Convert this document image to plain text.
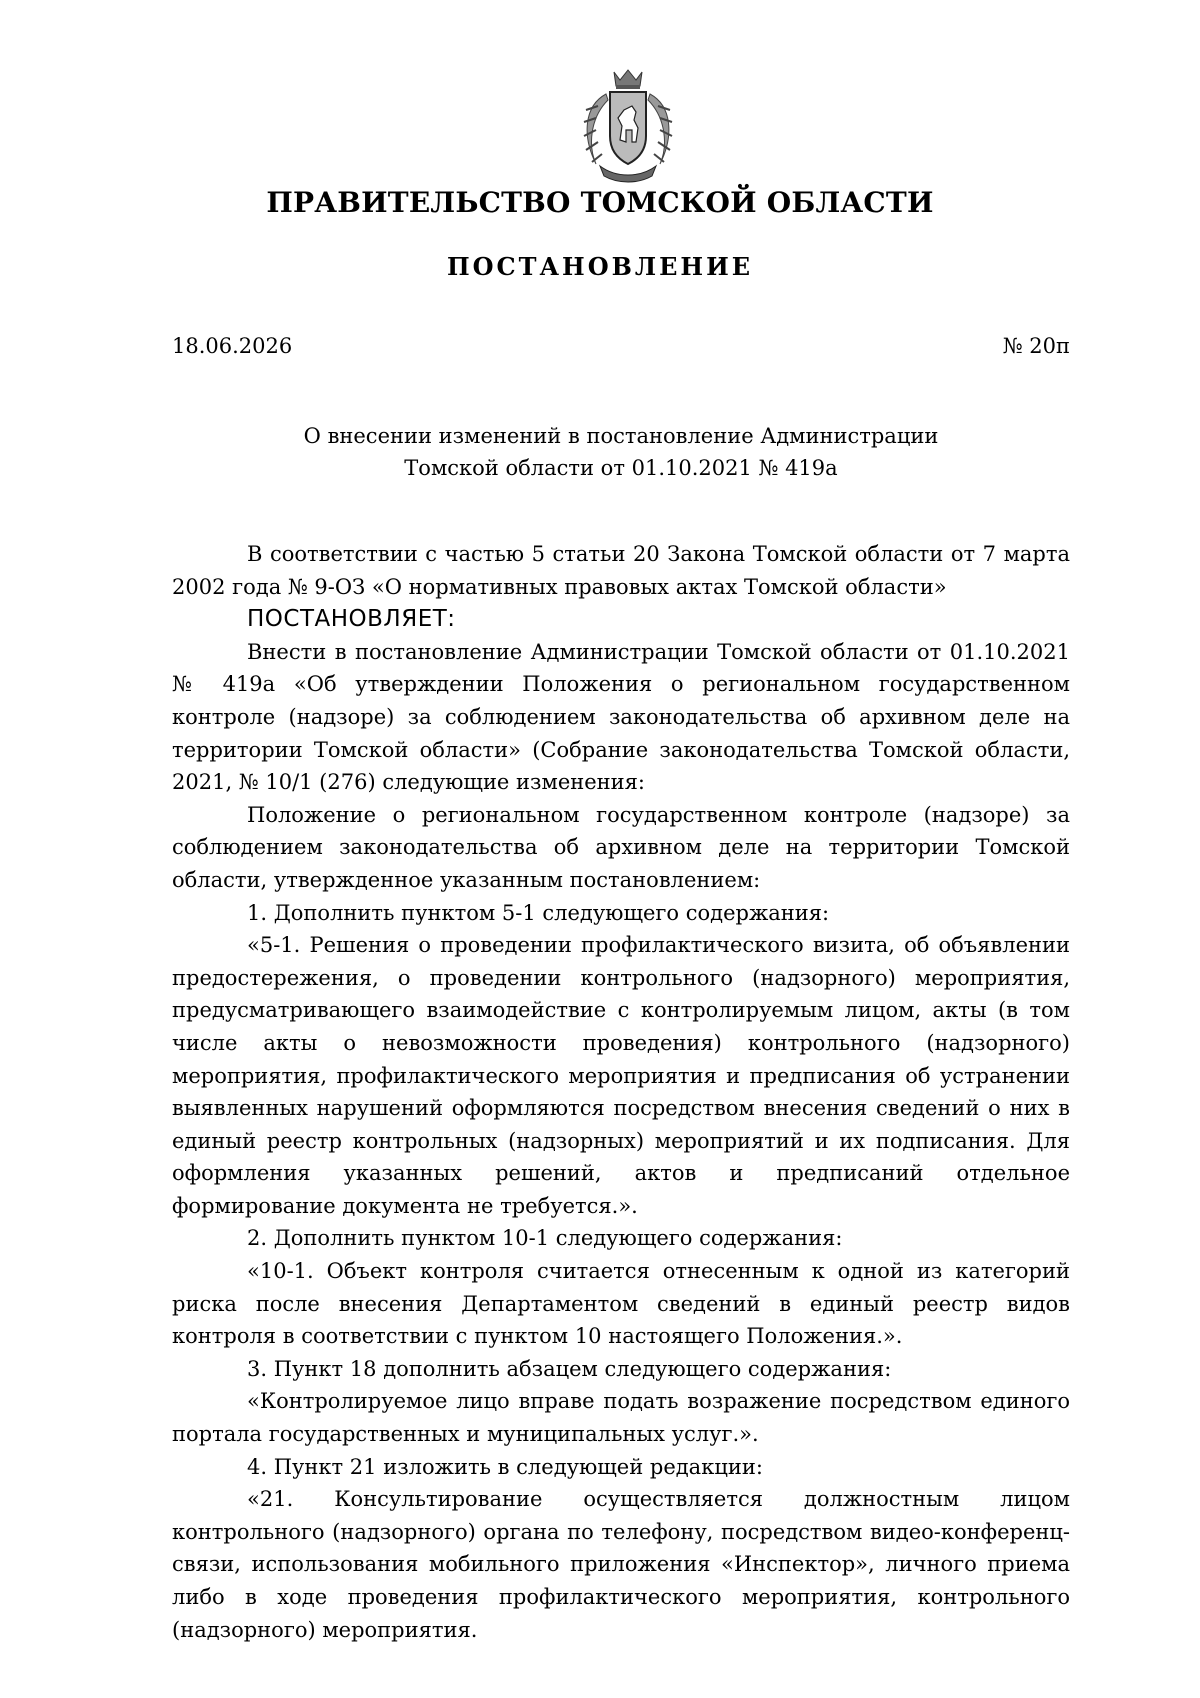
ПРАВИТЕЛЬСТВО ТОМСКОЙ ОБЛАСТИ
ПОСТАНОВЛЕНИЕ
18.06.2026	№ 20п
О внесении изменений в постановление Администрации
Томской области от 01.10.2021 № 419а

В соответствии с частью 5 статьи 20 Закона Томской области от 7 марта 2002 года № 9-ОЗ «О нормативных правовых актах Томской области»

ПОСТАНОВЛЯЕТ:

Внести в постановление Администрации Томской области от 01.10.2021 № 419а «Об утверждении Положения о региональном государственном контроле (надзоре) за соблюдением законодательства об архивном деле на территории Томской области» (Собрание законодательства Томской области, 2021, № 10/1 (276) следующие изменения:

Положение о региональном государственном контроле (надзоре) за соблюдением законодательства об архивном деле на территории Томской области, утвержденное указанным постановлением:

1. Дополнить пунктом 5-1 следующего содержания:

«5-1. Решения о проведении профилактического визита, об объявлении предостережения, о проведении контрольного (надзорного) мероприятия, предусматривающего взаимодействие с контролируемым лицом, акты (в том числе акты о невозможности проведения) контрольного (надзорного) мероприятия, профилактического мероприятия и предписания об устранении выявленных нарушений оформляются посредством внесения сведений о них в единый реестр контрольных (надзорных) мероприятий и их подписания. Для оформления указанных решений, актов и предписаний отдельное формирование документа не требуется.».

2. Дополнить пунктом 10-1 следующего содержания:

«10-1. Объект контроля считается отнесенным к одной из категорий риска после внесения Департаментом сведений в единый реестр видов контроля в соответствии с пунктом 10 настоящего Положения.».

3. Пункт 18 дополнить абзацем следующего содержания:

«Контролируемое лицо вправе подать возражение посредством единого портала государственных и муниципальных услуг.».

4. Пункт 21 изложить в следующей редакции:

«21. Консультирование осуществляется должностным лицом контрольного (надзорного) органа по телефону, посредством видео-конференц-связи, использования мобильного приложения «Инспектор», личного приема либо в ходе проведения профилактического мероприятия, контрольного (надзорного) мероприятия.
